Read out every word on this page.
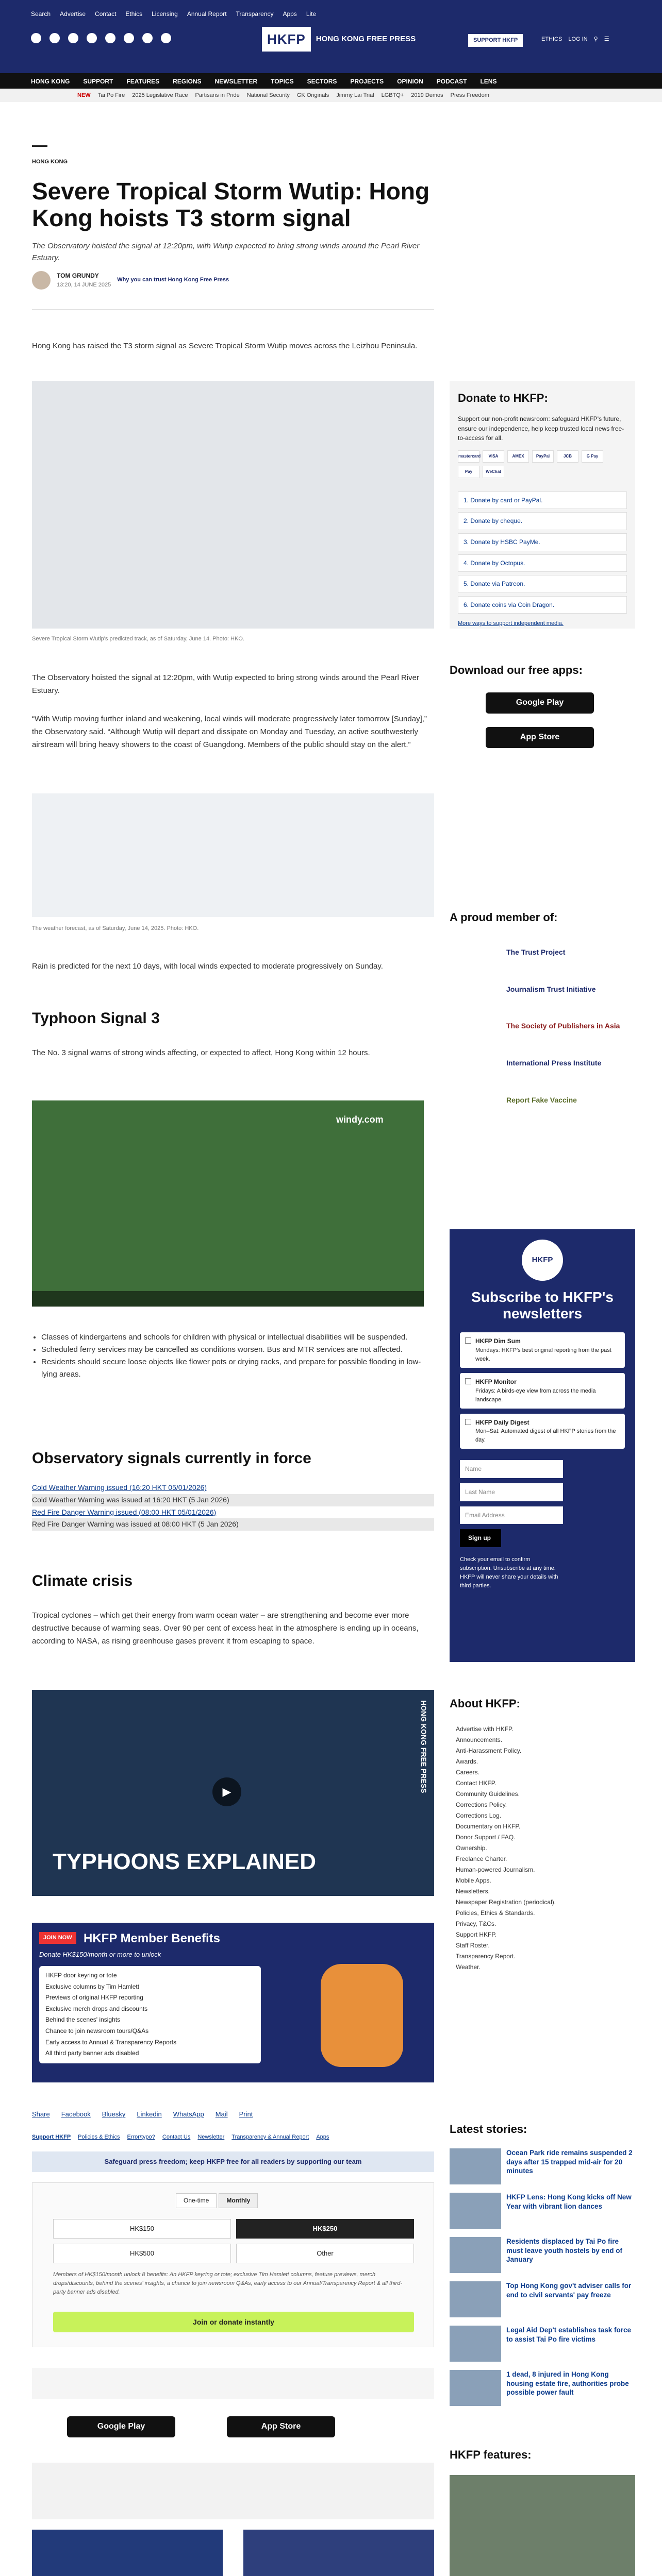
Search Advertise Contact Ethics Licensing Annual Report Transparency Apps Lite
HKFP	HONG KONG FREE PRESS	SUPPORT HKFP	ETHICS LOG IN ⚲ ☰
HONG KONG SUPPORT FEATURES REGIONS NEWSLETTER TOPICS SECTORS PROJECTS OPINION PODCAST LENS
NEW Tai Po Fire 2025 Legislative Race Partisans in Pride National Security GK Originals Jimmy Lai Trial LGBTQ+ 2019 Demos Press Freedom
HONG KONG
Severe Tropical Storm Wutip: Hong Kong hoists T3 storm signal
The Observatory hoisted the signal at 12:20pm, with Wutip expected to bring strong winds around the Pearl River Estuary.
TOM GRUNDY
13:20, 14 JUNE 2025
Why you can trust Hong Kong Free Press

Hong Kong has raised the T3 storm signal as Severe Tropical Storm Wutip moves across the Leizhou Peninsula.

Severe Tropical Storm Wutip's predicted track, as of Saturday, June 14. Photo: HKO.

The Observatory hoisted the signal at 12:20pm, with Wutip expected to bring strong winds around the Pearl River Estuary.

“With Wutip moving further inland and weakening, local winds will moderate progressively later tomorrow [Sunday],” the Observatory said. “Although Wutip will depart and dissipate on Monday and Tuesday, an active southwesterly airstream will bring heavy showers to the coast of Guangdong. Members of the public should stay on the alert.”

The weather forecast, as of Saturday, June 14, 2025. Photo: HKO.

Rain is predicted for the next 10 days, with local winds expected to moderate progressively on Sunday.

Typhoon Signal 3

The No. 3 signal warns of strong winds affecting, or expected to affect, Hong Kong within 12 hours.

windy.com
• Classes of kindergartens and schools for children with physical or intellectual disabilities will be suspended.
• Scheduled ferry services may be cancelled as conditions worsen. Bus and MTR services are not affected.
• Residents should secure loose objects like flower pots or drying racks, and prepare for possible flooding in low-lying areas.
Observatory signals currently in force
Cold Weather Warning issued (16:20 HKT 05/01/2026)
Cold Weather Warning was issued at 16:20 HKT (5 Jan 2026)
Red Fire Danger Warning issued (08:00 HKT 05/01/2026)
Red Fire Danger Warning was issued at 08:00 HKT (5 Jan 2026)
Climate crisis

Tropical cyclones – which get their energy from warm ocean water – are strengthening and become ever more destructive because of warming seas. Over 90 per cent of excess heat in the atmosphere is ending up in oceans, according to NASA, as rising greenhouse gases prevent it from escaping to space.

▶
TYPHOONS EXPLAINED
HONG KONG FREE PRESS
JOIN NOW HKFP Member Benefits
Donate HK$150/month or more to unlock
HKFP door keyring or tote
Exclusive columns by Tim Hamlett
Previews of original HKFP reporting
Exclusive merch drops and discounts
Behind the scenes' insights
Chance to join newsroom tours/Q&As
Early access to Annual & Transparency Reports
All third party banner ads disabled
Share Facebook Bluesky Linkedin WhatsApp Mail Print
Support HKFP Policies & Ethics Error/typo? Contact Us Newsletter Transparency & Annual Report Apps
Safeguard press freedom; keep HKFP free for all readers by supporting our team
One-time	Monthly
HK$150	HK$250
HK$500	Other
Members of HK$150/month unlock 8 benefits: An HKFP keyring or tote; exclusive Tim Hamlett columns, feature previews, merch drops/discounts, behind the scenes' insights, a chance to join newsroom Q&As, early access to our Annual/Transparency Report & all third-party banner ads disabled.
Join or donate instantly
Google Play	App Store

Donate to HKFP:

Support our non-profit newsroom: safeguard HKFP's future, ensure our independence, help keep trusted local news free-to-access for all.

mastercard	VISA	AMEX	PayPal	JCB	G Pay
Pay	WeChat
1. Donate by card or PayPal.
2. Donate by cheque.
3. Donate by HSBC PayMe.
4. Donate by Octopus.
5. Donate via Patreon.
6. Donate coins via Coin Dragon.
More ways to support independent media.
Download our free apps:
Google Play
App Store
A proud member of:
The Trust Project
Journalism Trust Initiative
The Society of Publishers in Asia
International Press Institute
Report Fake Vaccine
HKFP
Subscribe to HKFP's newsletters
HKFP Dim Sum
Mondays: HKFP's best original reporting from the past week.
HKFP Monitor
Fridays: A birds-eye view from across the media landscape.
HKFP Daily Digest
Mon–Sat: Automated digest of all HKFP stories from the day.
Name
Last Name
Email Address
Sign up

Check your email to confirm subscription. Unsubscribe at any time. HKFP will never share your details with third parties.

About HKFP:
Advertise with HKFP.
Announcements.
Anti-Harassment Policy.
Awards.
Careers.
Contact HKFP.
Community Guidelines.
Corrections Policy.
Corrections Log.
Documentary on HKFP.
Donor Support / FAQ.
Ownership.
Freelance Charter.
Human-powered Journalism.
Mobile Apps.
Newsletters.
Newspaper Registration (periodical).
Policies, Ethics & Standards.
Privacy, T&Cs.
Support HKFP.
Staff Roster.
Transparency Report.
Weather.
Latest stories:
Ocean Park ride remains suspended 2 days after 15 trapped mid-air for 20 minutes
HKFP Lens: Hong Kong kicks off New Year with vibrant lion dances
Residents displaced by Tai Po fire must leave youth hostels by end of January
Top Hong Kong gov't adviser calls for end to civil servants' pay freeze
Legal Aid Dep't establishes task force to assist Tai Po fire victims
1 dead, 8 injured in Hong Kong housing estate fire, authorities probe possible power fault
HKFP features:
